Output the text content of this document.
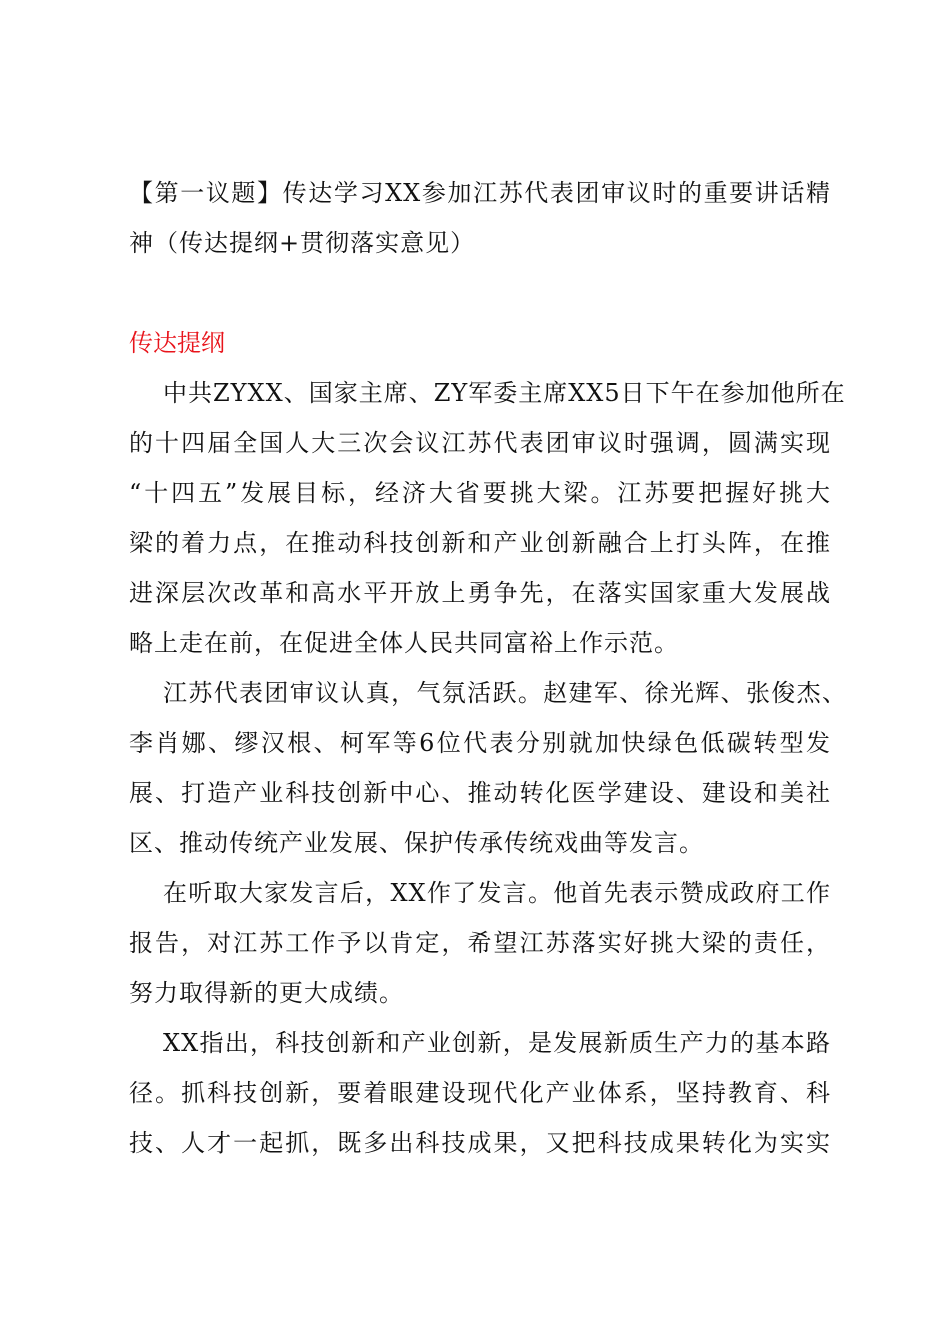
【第一议题】传达学习XX参加江苏代表团审议时的重要讲话精
神（传达提纲+贯彻落实意见）
传达提纲
中共ZYXX、国家主席、ZY军委主席XX5日下午在参加他所在
的十四届全国人大三次会议江苏代表团审议时强调，圆满实现
“十四五”发展目标，经济大省要挑大梁。江苏要把握好挑大
梁的着力点，在推动科技创新和产业创新融合上打头阵，在推
进深层次改革和高水平开放上勇争先，在落实国家重大发展战
略上走在前，在促进全体人民共同富裕上作示范。
江苏代表团审议认真，气氛活跃。赵建军、徐光辉、张俊杰、
李肖娜、缪汉根、柯军等6位代表分别就加快绿色低碳转型发
展、打造产业科技创新中心、推动转化医学建设、建设和美社
区、推动传统产业发展、保护传承传统戏曲等发言。
在听取大家发言后，XX作了发言。他首先表示赞成政府工作
报告，对江苏工作予以肯定，希望江苏落实好挑大梁的责任，
努力取得新的更大成绩。
XX指出，科技创新和产业创新，是发展新质生产力的基本路
径。抓科技创新，要着眼建设现代化产业体系，坚持教育、科
技、人才一起抓，既多出科技成果，又把科技成果转化为实实
